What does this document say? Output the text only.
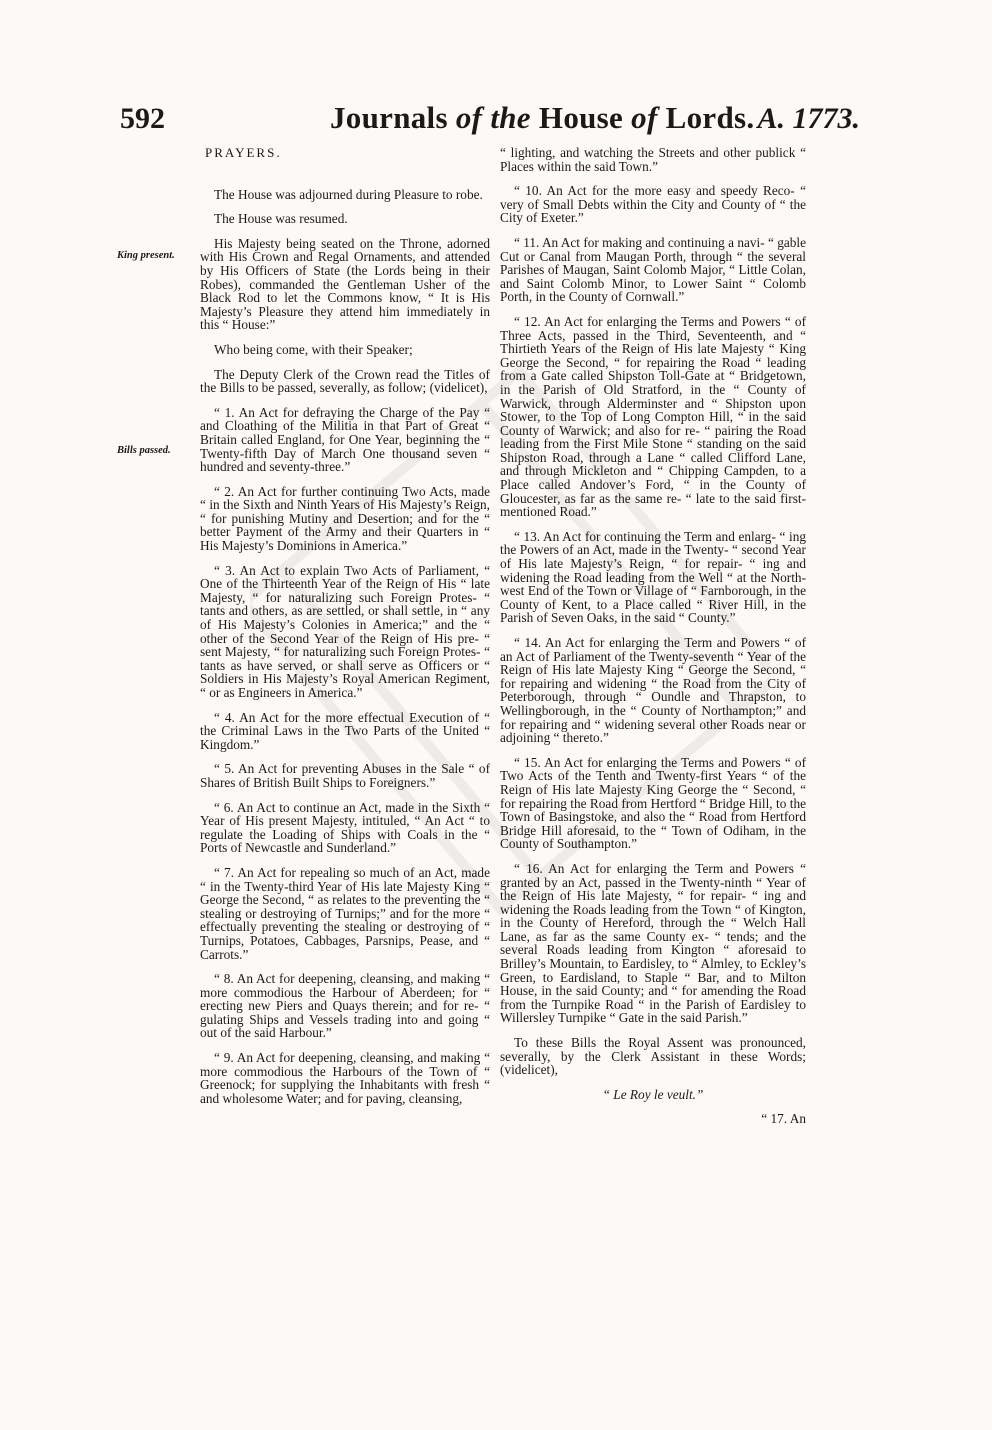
592	Journals of the House of Lords. A. 1773.
King present.
Bills passed.

PRAYERS.

The House was adjourned during Pleasure to robe.

The House was resumed.

His Majesty being seated on the Throne, adorned with His Crown and Regal Ornaments, and attended by His Officers of State (the Lords being in their Robes), commanded the Gentleman Usher of the Black Rod to let the Commons know, “ It is His Majesty’s Pleasure they attend him immediately in this “ House:”

Who being come, with their Speaker;

The Deputy Clerk of the Crown read the Titles of the Bills to be passed, severally, as follow; (videlicet),

“ 1. An Act for defraying the Charge of the Pay “ and Cloathing of the Militia in that Part of Great “ Britain called England, for One Year, beginning the “ Twenty-fifth Day of March One thousand seven “ hundred and seventy-three.”

“ 2. An Act for further continuing Two Acts, made “ in the Sixth and Ninth Years of His Majesty’s Reign, “ for punishing Mutiny and Desertion; and for the “ better Payment of the Army and their Quarters in “ His Majesty’s Dominions in America.”

“ 3. An Act to explain Two Acts of Parliament, “ One of the Thirteenth Year of the Reign of His “ late Majesty, “ for naturalizing such Foreign Protes- “ tants and others, as are settled, or shall settle, in “ any of His Majesty’s Colonies in America;” and the “ other of the Second Year of the Reign of His pre- “ sent Majesty, “ for naturalizing such Foreign Protes- “ tants as have served, or shall serve as Officers or “ Soldiers in His Majesty’s Royal American Regiment, “ or as Engineers in America.”

“ 4. An Act for the more effectual Execution of “ the Criminal Laws in the Two Parts of the United “ Kingdom.”

“ 5. An Act for preventing Abuses in the Sale “ of Shares of British Built Ships to Foreigners.”

“ 6. An Act to continue an Act, made in the Sixth “ Year of His present Majesty, intituled, “ An Act “ to regulate the Loading of Ships with Coals in the “ Ports of Newcastle and Sunderland.”

“ 7. An Act for repealing so much of an Act, made “ in the Twenty-third Year of His late Majesty King “ George the Second, “ as relates to the preventing the “ stealing or destroying of Turnips;” and for the more “ effectually preventing the stealing or destroying of “ Turnips, Potatoes, Cabbages, Parsnips, Pease, and “ Carrots.”

“ 8. An Act for deepening, cleansing, and making “ more commodious the Harbour of Aberdeen; for “ erecting new Piers and Quays therein; and for re- “ gulating Ships and Vessels trading into and going “ out of the said Harbour.”

“ 9. An Act for deepening, cleansing, and making “ more commodious the Harbours of the Town of “ Greenock; for supplying the Inhabitants with fresh “ and wholesome Water; and for paving, cleansing,

“ lighting, and watching the Streets and other publick “ Places within the said Town.”

“ 10. An Act for the more easy and speedy Reco- “ very of Small Debts within the City and County of “ the City of Exeter.”

“ 11. An Act for making and continuing a navi- “ gable Cut or Canal from Maugan Porth, through “ the several Parishes of Maugan, Saint Colomb Major, “ Little Colan, and Saint Colomb Minor, to Lower Saint “ Colomb Porth, in the County of Cornwall.”

“ 12. An Act for enlarging the Terms and Powers “ of Three Acts, passed in the Third, Seventeenth, and “ Thirtieth Years of the Reign of His late Majesty “ King George the Second, “ for repairing the Road “ leading from a Gate called Shipston Toll-Gate at “ Bridgetown, in the Parish of Old Stratford, in the “ County of Warwick, through Alderminster and “ Shipston upon Stower, to the Top of Long Compton Hill, “ in the said County of Warwick; and also for re- “ pairing the Road leading from the First Mile Stone “ standing on the said Shipston Road, through a Lane “ called Clifford Lane, and through Mickleton and “ Chipping Campden, to a Place called Andover’s Ford, “ in the County of Gloucester, as far as the same re- “ late to the said first-mentioned Road.”

“ 13. An Act for continuing the Term and enlarg- “ ing the Powers of an Act, made in the Twenty- “ second Year of His late Majesty’s Reign, “ for repair- “ ing and widening the Road leading from the Well “ at the North-west End of the Town or Village of “ Farnborough, in the County of Kent, to a Place called “ River Hill, in the Parish of Seven Oaks, in the said “ County.”

“ 14. An Act for enlarging the Term and Powers “ of an Act of Parliament of the Twenty-seventh “ Year of the Reign of His late Majesty King “ George the Second, “ for repairing and widening “ the Road from the City of Peterborough, through “ Oundle and Thrapston, to Wellingborough, in the “ County of Northampton;” and for repairing and “ widening several other Roads near or adjoining “ thereto.”

“ 15. An Act for enlarging the Terms and Powers “ of Two Acts of the Tenth and Twenty-first Years “ of the Reign of His late Majesty King George the “ Second, “ for repairing the Road from Hertford “ Bridge Hill, to the Town of Basingstoke, and also the “ Road from Hertford Bridge Hill aforesaid, to the “ Town of Odiham, in the County of Southampton.”

“ 16. An Act for enlarging the Term and Powers “ granted by an Act, passed in the Twenty-ninth “ Year of the Reign of His late Majesty, “ for repair- “ ing and widening the Roads leading from the Town “ of Kington, in the County of Hereford, through the “ Welch Hall Lane, as far as the same County ex- “ tends; and the several Roads leading from Kington “ aforesaid to Brilley’s Mountain, to Eardisley, to “ Almley, to Eckley’s Green, to Eardisland, to Staple “ Bar, and to Milton House, in the said County; and “ for amending the Road from the Turnpike Road “ in the Parish of Eardisley to Willersley Turnpike “ Gate in the said Parish.”

To these Bills the Royal Assent was pronounced, severally, by the Clerk Assistant in these Words; (videlicet),

“ Le Roy le veult.”

“ 17. An
